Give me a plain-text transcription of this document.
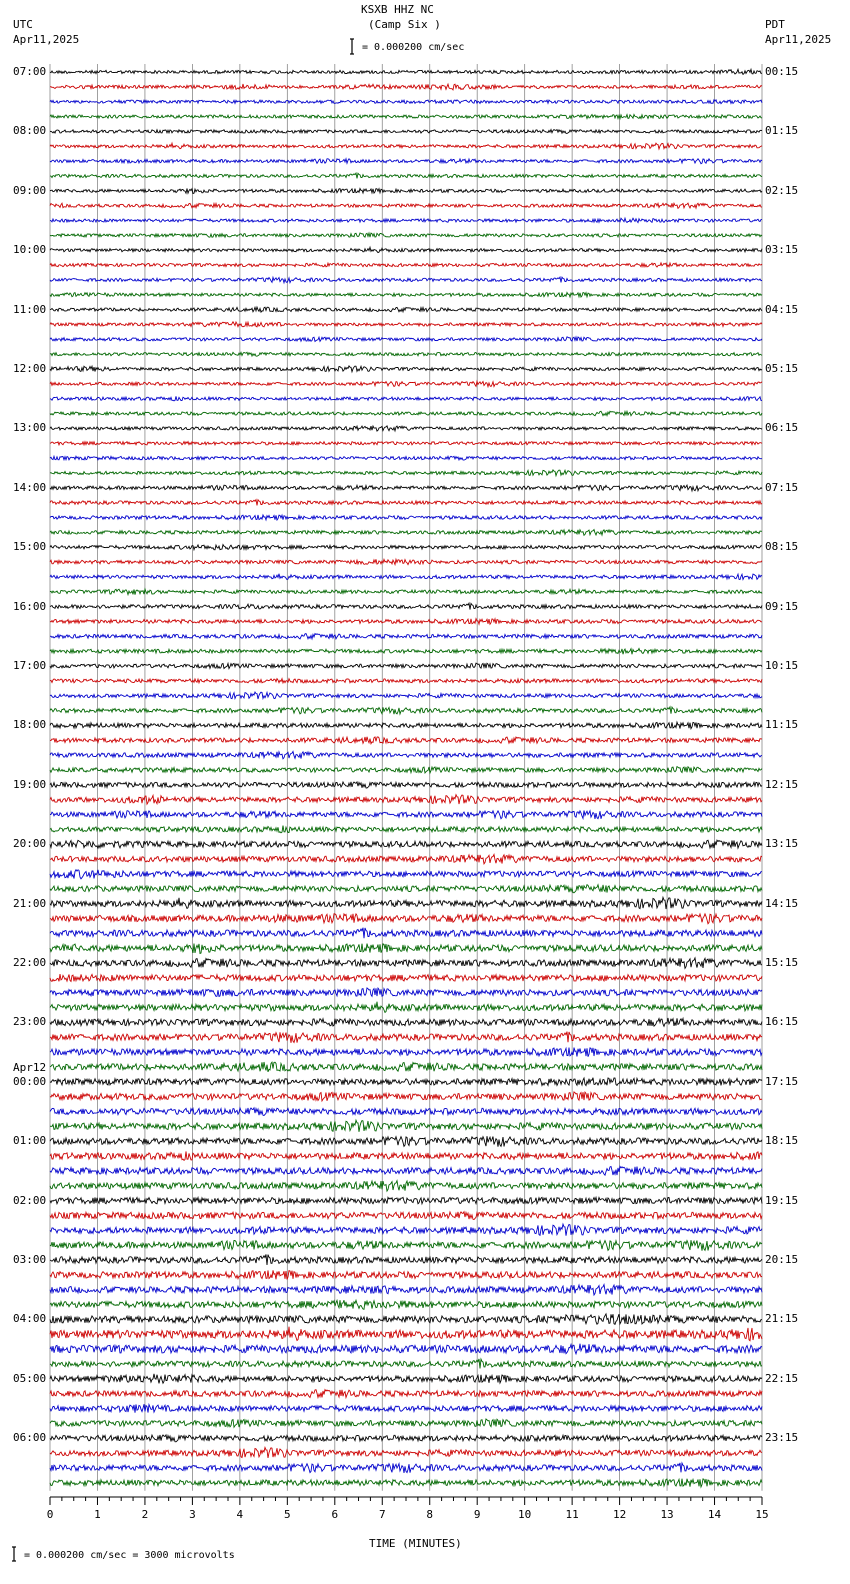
0	1	2	3	4	5	6	7	8	9	10	11	12	13	14	15
KSXB HHZ NC
(Camp Six )
= 0.000200 cm/sec
UTC
Apr11,2025
PDT
Apr11,2025
07:00
08:00
09:00
10:00
11:00
12:00
13:00
14:00
15:00
16:00
17:00
18:00
19:00
20:00
21:00
22:00
23:00
00:00
Apr12
01:00
02:00
03:00
04:00
05:00
06:00
00:15
01:15
02:15
03:15
04:15
05:15
06:15
07:15
08:15
09:15
10:15
11:15
12:15
13:15
14:15
15:15
16:15
17:15
18:15
19:15
20:15
21:15
22:15
23:15
TIME (MINUTES)
= 0.000200 cm/sec = 3000 microvolts
